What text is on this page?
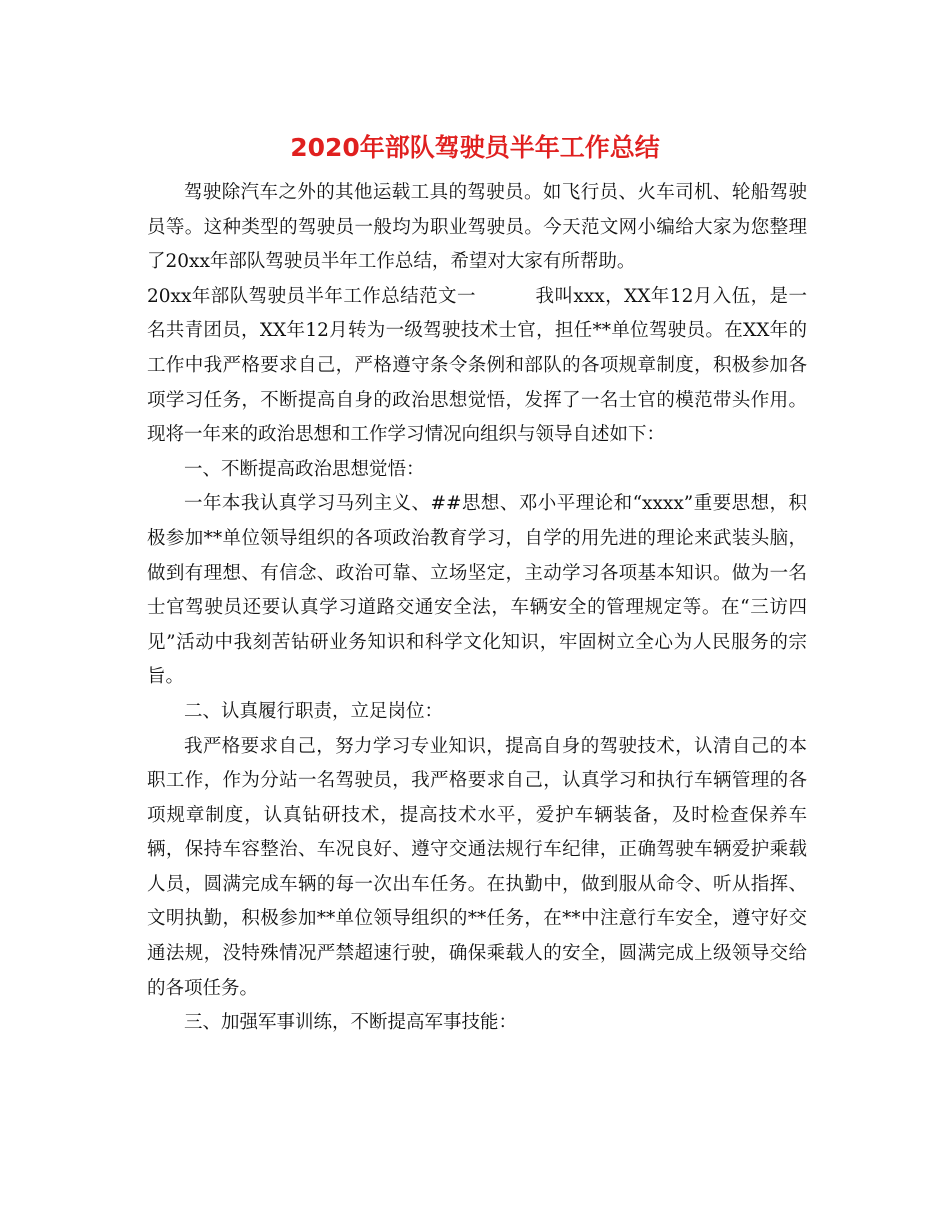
2020年部队驾驶员半年工作总结

驾驶除汽车之外的其他运载工具的驾驶员。如飞行员、火车司机、轮船驾驶员等。这种类型的驾驶员一般均为职业驾驶员。今天范文网小编给大家为您整理了20xx年部队驾驶员半年工作总结，希望对大家有所帮助。

20xx年部队驾驶员半年工作总结范文一	我叫xxx，XX年12月入伍，是一名共青团员，XX年12月转为一级驾驶技术士官，担任**单位驾驶员。在XX年的工作中我严格要求自己，严格遵守条令条例和部队的各项规章制度，积极参加各项学习任务，不断提高自身的政治思想觉悟，发挥了一名士官的模范带头作用。现将一年来的政治思想和工作学习情况向组织与领导自述如下：

一、不断提高政治思想觉悟：

一年本我认真学习马列主义、##思想、邓小平理论和“xxxx”重要思想，积极参加**单位领导组织的各项政治教育学习，自学的用先进的理论来武装头脑，做到有理想、有信念、政治可靠、立场坚定，主动学习各项基本知识。做为一名士官驾驶员还要认真学习道路交通安全法，车辆安全的管理规定等。在“三访四见”活动中我刻苦钻研业务知识和科学文化知识，牢固树立全心为人民服务的宗旨。

二、认真履行职责，立足岗位：

我严格要求自己，努力学习专业知识，提高自身的驾驶技术，认清自己的本职工作，作为分站一名驾驶员，我严格要求自己，认真学习和执行车辆管理的各项规章制度，认真钻研技术，提高技术水平，爱护车辆装备，及时检查保养车辆，保持车容整治、车况良好、遵守交通法规行车纪律，正确驾驶车辆爱护乘载人员，圆满完成车辆的每一次出车任务。在执勤中，做到服从命令、听从指挥、文明执勤，积极参加**单位领导组织的**任务，在**中注意行车安全，遵守好交通法规，没特殊情况严禁超速行驶，确保乘载人的安全，圆满完成上级领导交给的各项任务。

三、加强军事训练，不断提高军事技能：
